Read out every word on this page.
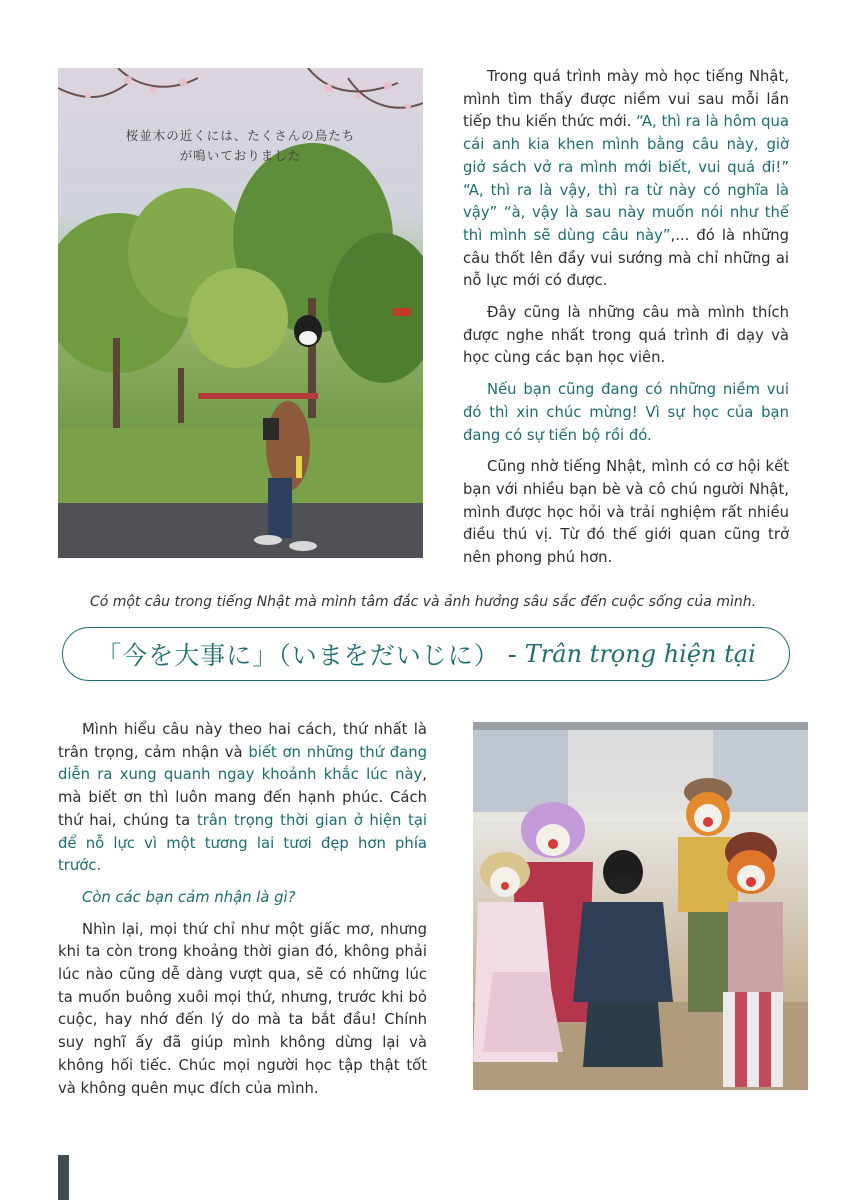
桜並木の近くには、たくさんの鳥たち
が鳴いておりました

Trong quá trình mày mò học tiếng Nhật, mình tìm thấy được niềm vui sau mỗi lần tiếp thu kiến thức mới. “A, thì ra là hôm qua cái anh kia khen mình bằng câu này, giờ giở sách vở ra mình mới biết, vui quá đi!” “A, thì ra là vậy, thì ra từ này có nghĩa là vậy” “à, vậy là sau này muốn nói như thế thì mình sẽ dùng câu này”,... đó là những câu thốt lên đầy vui sướng mà chỉ những ai nỗ lực mới có được.

Đây cũng là những câu mà mình thích được nghe nhất trong quá trình đi dạy và học cùng các bạn học viên.

Nếu bạn cũng đang có những niềm vui đó thì xin chúc mừng! Vì sự học của bạn đang có sự tiến bộ rồi đó.

Cũng nhờ tiếng Nhật, mình có cơ hội kết bạn với nhiều bạn bè và cô chú người Nhật, mình được học hỏi và trải nghiệm rất nhiều điều thú vị. Từ đó thế giới quan cũng trở nên phong phú hơn.

Có một câu trong tiếng Nhật mà mình tâm đắc và ảnh hưởng sâu sắc đến cuộc sống của mình.
「今を大事に」（いまをだいじに） - Trân trọng hiện tại

Mình hiểu câu này theo hai cách, thứ nhất là trân trọng, cảm nhận và biết ơn những thứ đang diễn ra xung quanh ngay khoảnh khắc lúc này, mà biết ơn thì luôn mang đến hạnh phúc. Cách thứ hai, chúng ta trân trọng thời gian ở hiện tại để nỗ lực vì một tương lai tươi đẹp hơn phía trước.

Còn các bạn cảm nhận là gì?

Nhìn lại, mọi thứ chỉ như một giấc mơ, nhưng khi ta còn trong khoảng thời gian đó, không phải lúc nào cũng dễ dàng vượt qua, sẽ có những lúc ta muốn buông xuôi mọi thứ, nhưng, trước khi bỏ cuộc, hay nhớ đến lý do mà ta bắt đầu! Chính suy nghĩ ấy đã giúp mình không dừng lại và không hối tiếc. Chúc mọi người học tập thật tốt và không quên mục đích của mình.
